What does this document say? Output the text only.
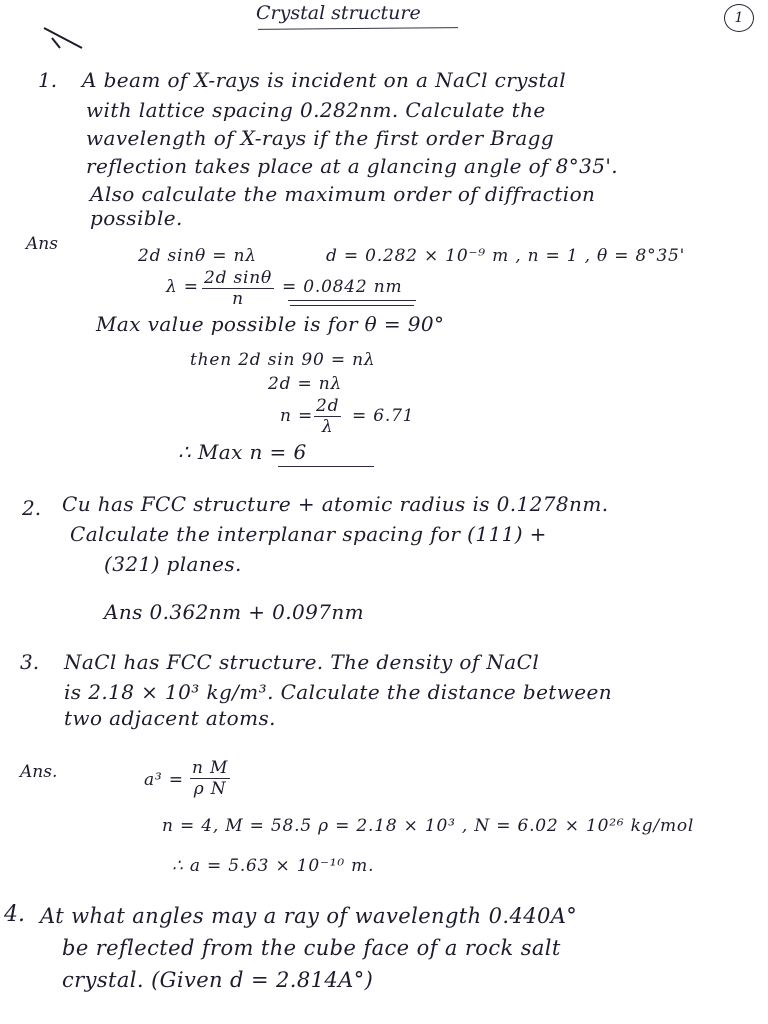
Crystal structure	1
1. A beam of X-rays is incident on a NaCl crystal
with lattice spacing 0.282nm. Calculate the
wavelength of X-rays if the first order Bragg
reflection takes place at a glancing angle of 8°35'.
Also calculate the maximum order of diffraction
possible.
Ans
2d sinθ = nλ	d = 0.282 × 10⁻⁹ m , n = 1 , θ = 8°35'
$\lambda = \frac{\text{2d sinθ}}{n} = 0.0842$ nm
Max value possible is for θ = 90°
then 2d sin 90 = nλ
2d = nλ
$n = \frac{2d}{\lambda} = 6.71$
∴ Max n = 6
2. Cu has FCC structure + atomic radius is 0.1278nm.
Calculate the interplanar spacing for (111) +
(321) planes.
Ans 0.362nm + 0.097nm
3. NaCl has FCC structure. The density of NaCl
is 2.18 × 10³ kg/m³. Calculate the distance between
two adjacent atoms.
Ans.	$a^3 = \frac{\text{n M}}{\text{ρ N}}$
n = 4, M = 58.5 ρ = 2.18 × 10³ , N = 6.02 × 10²⁶ kg/mol
∴ a = 5.63 × 10⁻¹⁰ m.
4. At what angles may a ray of wavelength 0.440A°
be reflected from the cube face of a rock salt
crystal. (Given d = 2.814A°)
